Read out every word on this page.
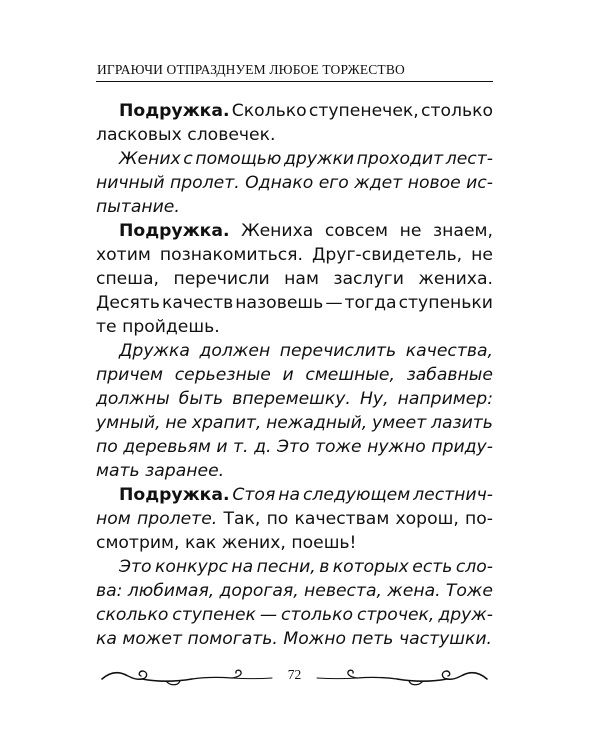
ИГРАЮЧИ ОТПРАЗДНУЕМ ЛЮБОЕ ТОРЖЕСТВО
Подружка. Сколько ступенечек, столько
ласковых словечек.
Жених с помощью дружки проходит лест-
ничный пролет. Однако его ждет новое ис-
пытание.
Подружка. Жениха совсем не знаем,
хотим познакомиться. Друг-свидетель, не
спеша, перечисли нам заслуги жениха.
Десять качеств назовешь — тогда ступеньки
те пройдешь.
Дружка должен перечислить качества,
причем серьезные и смешные, забавные
должны быть вперемешку. Ну, например:
умный, не храпит, нежадный, умеет лазить
по деревьям и т. д. Это тоже нужно приду-
мать заранее.
Подружка. Стоя на следующем лестнич-
ном пролете. Так, по качествам хорош, по-
смотрим, как жених, поешь!
Это конкурс на песни, в которых есть сло-
ва: любимая, дорогая, невеста, жена. Тоже
сколько ступенек — столько строчек, друж-
ка может помогать. Можно петь частушки.
72
